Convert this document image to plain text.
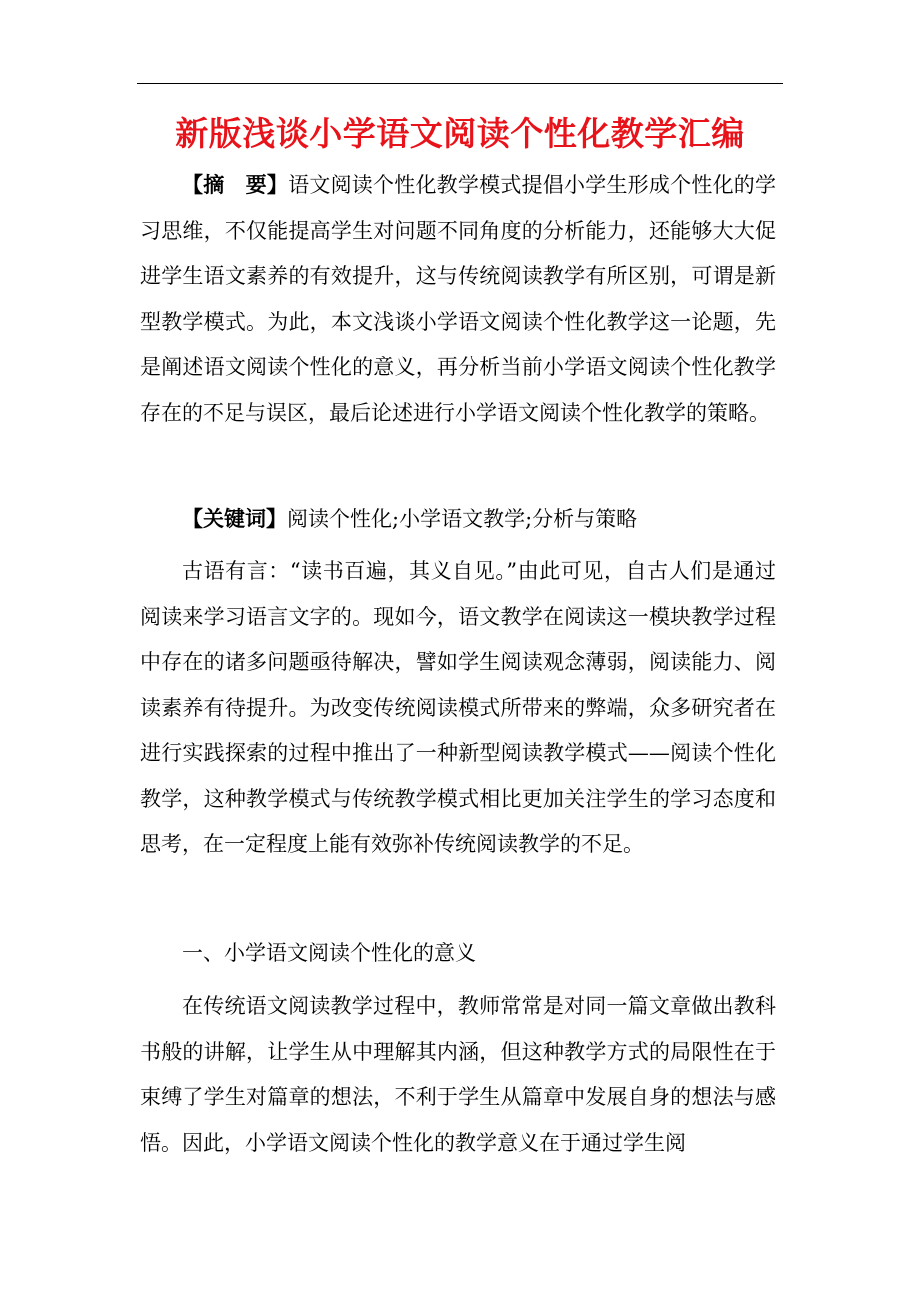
新版浅谈小学语文阅读个性化教学汇编

【摘　要】语文阅读个性化教学模式提倡小学生形成个性化的学习思维，不仅能提高学生对问题不同角度的分析能力，还能够大大促进学生语文素养的有效提升，这与传统阅读教学有所区别，可谓是新型教学模式。为此，本文浅谈小学语文阅读个性化教学这一论题，先是阐述语文阅读个性化的意义，再分析当前小学语文阅读个性化教学存在的不足与误区，最后论述进行小学语文阅读个性化教学的策略。

【关键词】阅读个性化;小学语文教学;分析与策略

古语有言：“读书百遍，其义自见。”由此可见，自古人们是通过阅读来学习语言文字的。现如今，语文教学在阅读这一模块教学过程中存在的诸多问题亟待解决，譬如学生阅读观念薄弱，阅读能力、阅读素养有待提升。为改变传统阅读模式所带来的弊端，众多研究者在进行实践探索的过程中推出了一种新型阅读教学模式——阅读个性化教学，这种教学模式与传统教学模式相比更加关注学生的学习态度和思考，在一定程度上能有效弥补传统阅读教学的不足。

一、小学语文阅读个性化的意义

在传统语文阅读教学过程中，教师常常是对同一篇文章做出教科书般的讲解，让学生从中理解其内涵，但这种教学方式的局限性在于束缚了学生对篇章的想法，不利于学生从篇章中发展自身的想法与感悟。因此，小学语文阅读个性化的教学意义在于通过学生阅
